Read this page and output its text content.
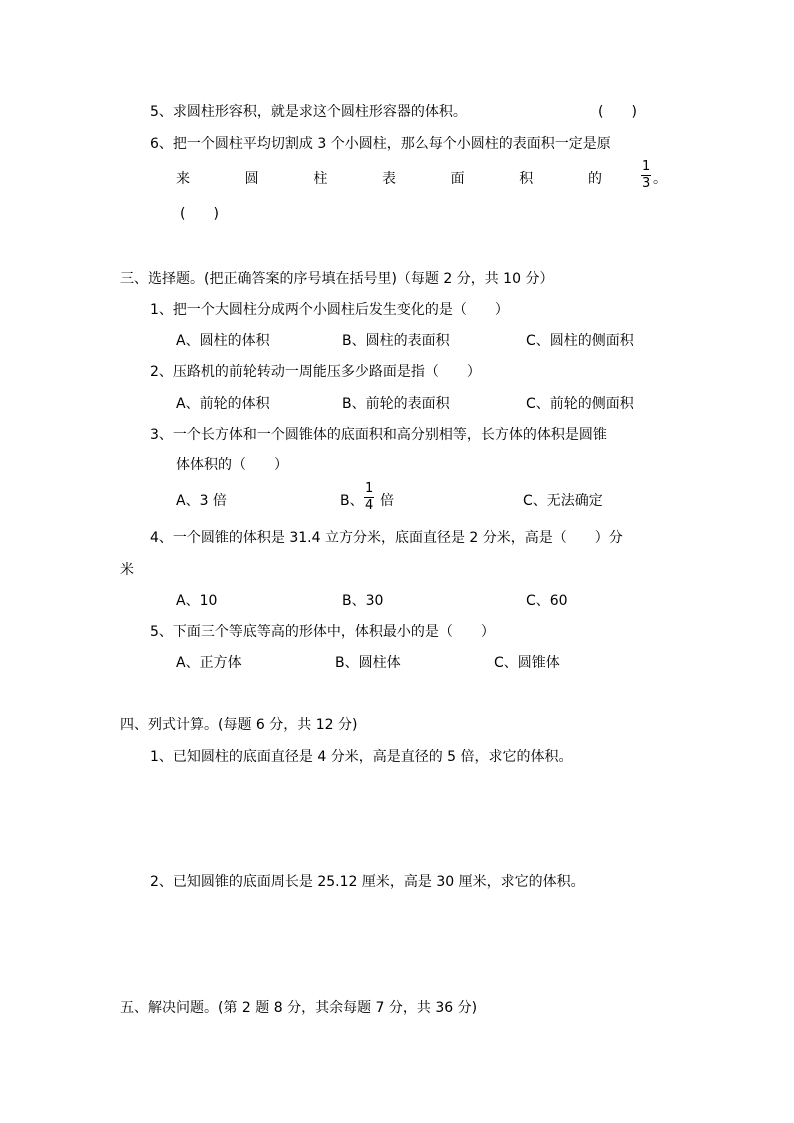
5、求圆柱形容积，就是求这个圆柱形容器的体积。	(　　)
6、把一个圆柱平均切割成 3 个小圆柱，那么每个小圆柱的表面积一定是原
来	圆	柱	表	面	积	的
1
3 。
(　　)
三、选择题。(把正确答案的序号填在括号里)（每题 2 分，共 10 分）
1、把一个大圆柱分成两个小圆柱后发生变化的是（　　）
A、圆柱的体积	B、圆柱的表面积	C、圆柱的侧面积
2、压路机的前轮转动一周能压多少路面是指（　　）
A、前轮的体积	B、前轮的表面积	C、前轮的侧面积
3、一个长方体和一个圆锥体的底面积和高分别相等，长方体的体积是圆锥
体体积的（　　）
A、3 倍	B、
1
4 倍	C、无法确定
4、一个圆锥的体积是 31.4 立方分米，底面直径是 2 分米，高是（　　）分
米
A、10	B、30	C、60
5、下面三个等底等高的形体中，体积最小的是（　　）
A、正方体	B、圆柱体	C、圆锥体
四、列式计算。(每题 6 分，共 12 分)
1、已知圆柱的底面直径是 4 分米，高是直径的 5 倍，求它的体积。
2、已知圆锥的底面周长是 25.12 厘米，高是 30 厘米，求它的体积。
五、解决问题。(第 2 题 8 分，其余每题 7 分，共 36 分)
